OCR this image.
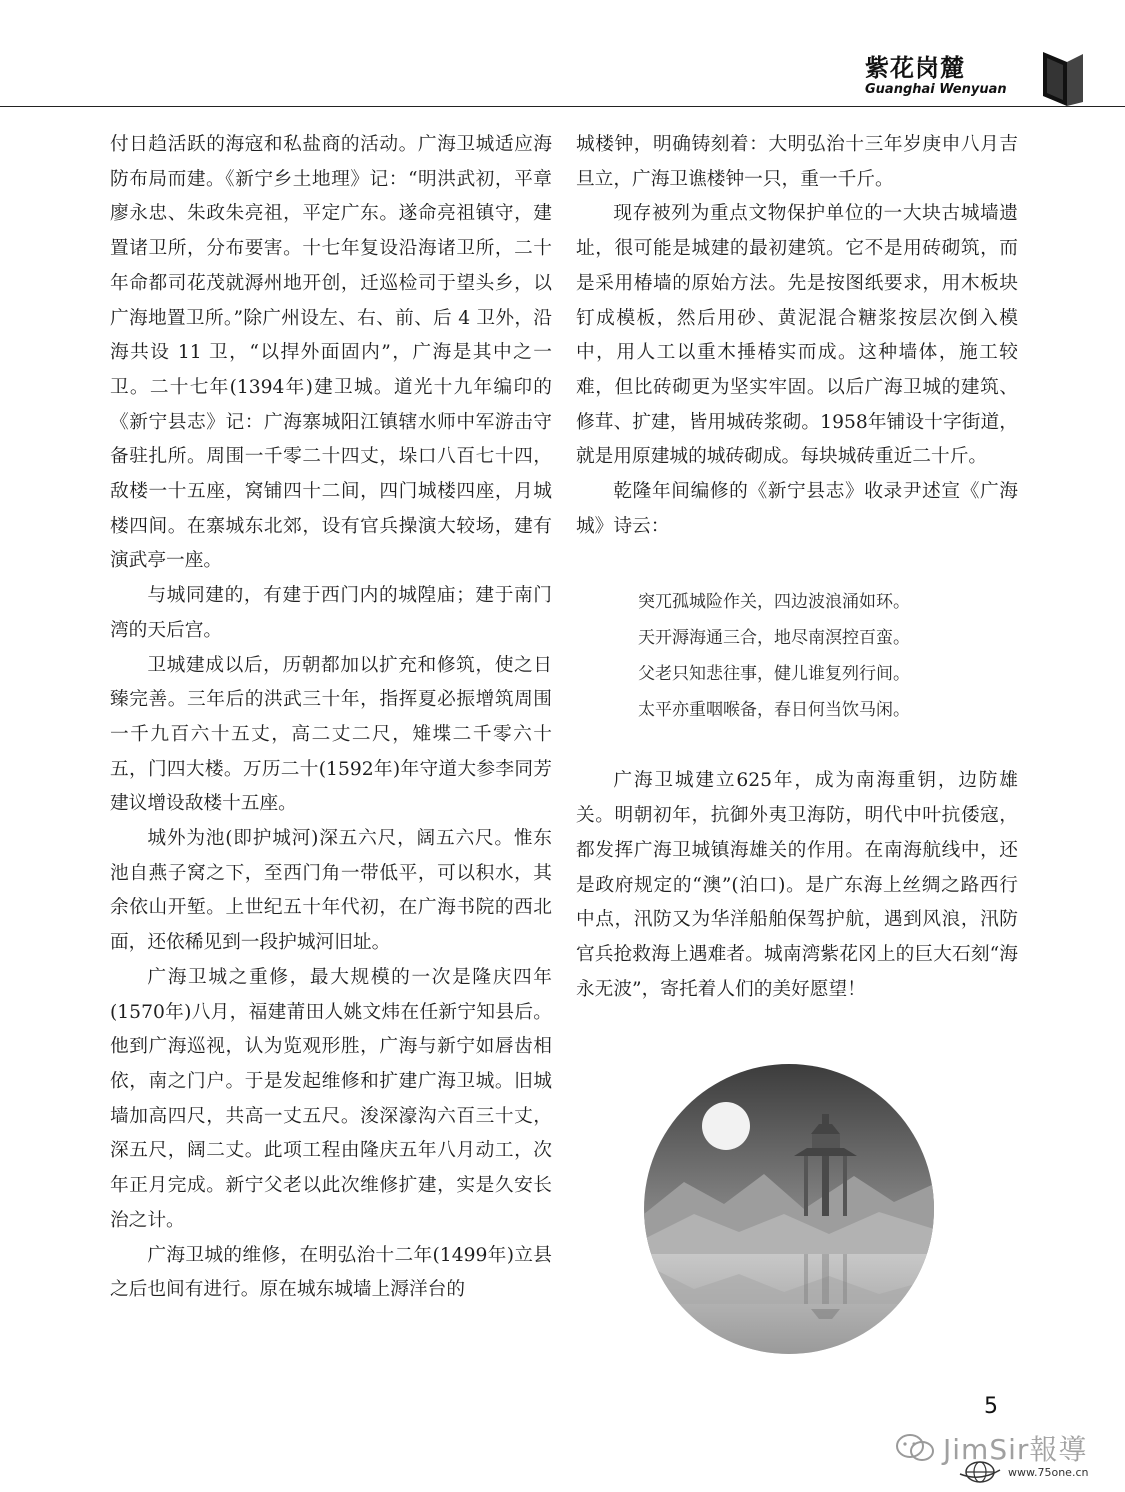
紫花岗麓
Guanghai Wenyuan

付日趋活跃的海寇和私盐商的活动。广海卫城适应海防布局而建。《新宁乡土地理》记：“明洪武初，平章廖永忠、朱政朱亮祖，平定广东。遂命亮祖镇守，建置诸卫所，分布要害。十七年复设沿海诸卫所，二十年命都司花茂就溽州地开创，迁巡检司于望头乡，以广海地置卫所。”除广州设左、右、前、后 4 卫外，沿海共设 11 卫，“以捍外面固内”，广海是其中之一卫。二十七年(1394年)建卫城。道光十九年编印的《新宁县志》记：广海寨城阳江镇辖水师中军游击守备驻扎所。周围一千零二十四丈，垛口八百七十四，敌楼一十五座，窝铺四十二间，四门城楼四座，月城楼四间。在寨城东北郊，设有官兵操演大较场，建有演武亭一座。

与城同建的，有建于西门内的城隍庙；建于南门湾的天后宫。

卫城建成以后，历朝都加以扩充和修筑，使之日臻完善。三年后的洪武三十年，指挥夏必振增筑周围一千九百六十五丈，高二丈二尺，雉堞二千零六十五，门四大楼。万历二十(1592年)年守道大参李同芳建议增设敌楼十五座。

城外为池(即护城河)深五六尺，阔五六尺。惟东池自燕子窝之下，至西门角一带低平，可以积水，其余依山开堑。上世纪五十年代初，在广海书院的西北面，还依稀见到一段护城河旧址。

广海卫城之重修，最大规模的一次是隆庆四年(1570年)八月，福建莆田人姚文炜在任新宁知县后。他到广海巡视，认为览观形胜，广海与新宁如唇齿相依，南之门户。于是发起维修和扩建广海卫城。旧城墙加高四尺，共高一丈五尺。浚深濠沟六百三十丈，深五尺，阔二丈。此项工程由隆庆五年八月动工，次年正月完成。新宁父老以此次维修扩建，实是久安长治之计。

广海卫城的维修，在明弘治十二年(1499年)立县之后也间有进行。原在城东城墙上溽洋台的

城楼钟，明确铸刻着：大明弘治十三年岁庚申八月吉旦立，广海卫谯楼钟一只，重一千斤。

现存被列为重点文物保护单位的一大块古城墙遗址，很可能是城建的最初建筑。它不是用砖砌筑，而是采用椿墙的原始方法。先是按图纸要求，用木板块钉成模板，然后用砂、黄泥混合糖浆按层次倒入模中，用人工以重木捶椿实而成。这种墙体，施工较难，但比砖砌更为坚实牢固。以后广海卫城的建筑、修茸、扩建，皆用城砖浆砌。1958年铺设十字街道，就是用原建城的城砖砌成。每块城砖重近二十斤。

乾隆年间编修的《新宁县志》收录尹述宣《广海城》诗云：

突兀孤城险作关，四边波浪涌如环。
天开溽海通三合，地尽南溟控百蛮。
父老只知悲往事，健儿谁复列行间。
太平亦重咽喉备，春日何当饮马闲。

广海卫城建立625年，成为南海重钥，边防雄关。明朝初年，抗御外夷卫海防，明代中叶抗倭寇，都发挥广海卫城镇海雄关的作用。在南海航线中，还是政府规定的“澳”(泊口)。是广东海上丝绸之路西行中点，汛防又为华洋船舶保驾护航，遇到风浪，汛防官兵抢救海上遇难者。城南湾紫花冈上的巨大石刻“海永无波”，寄托着人们的美好愿望！

5
JimSir報導
www.75one.cn
